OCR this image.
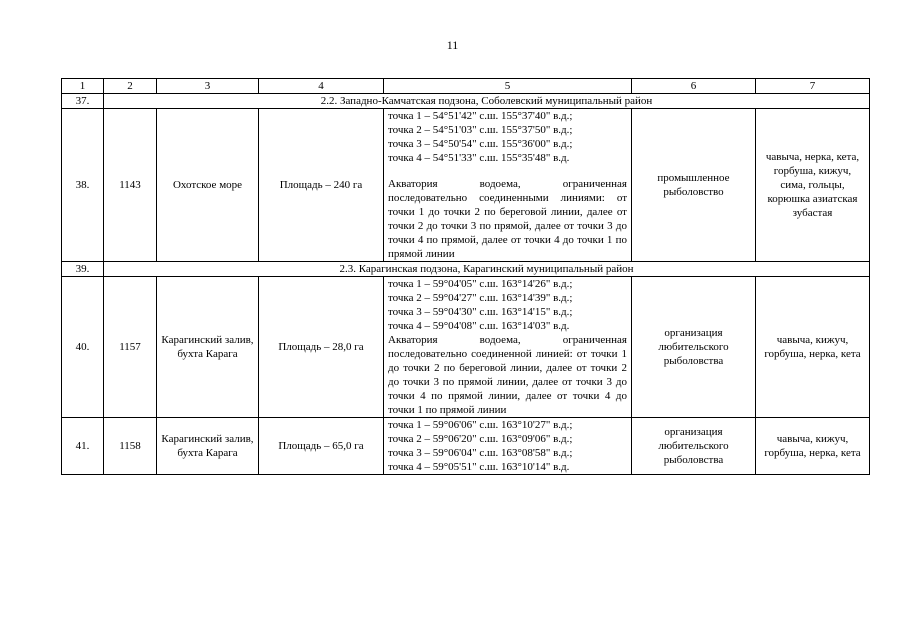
11
1	2	3	4	5	6	7
37.	2.2. Западно-Камчатская подзона, Соболевский муниципальный район					
38.	1143	Охотское море	Площадь – 240 га	точка 1 – 54°51'42" с.ш. 155°37'40" в.д.;
точка 2 – 54°51'03" с.ш. 155°37'50" в.д.;
точка 3 – 54°50'54" с.ш. 155°36'00" в.д.;
точка 4 – 54°51'33" с.ш. 155°35'48" в.д.
Акватория водоема, ограниченная последовательно соединенными линиями: от точки 1 до точки 2 по береговой линии, далее от точки 2 до точки 3 по прямой, далее от точки 3 до точки 4 по прямой, далее от точки 4 до точки 1 по прямой линии	промышленное рыболовство	чавыча, нерка, кета, горбуша, кижуч, сима, гольцы, корюшка азиатская зубастая
39.	2.3. Карагинская подзона, Карагинский муниципальный район					
40.	1157	Карагинский залив, бухта Карага	Площадь – 28,0 га	точка 1 – 59°04'05" с.ш. 163°14'26" в.д.;
точка 2 – 59°04'27" с.ш. 163°14'39" в.д.;
точка 3 – 59°04'30" с.ш. 163°14'15" в.д.;
точка 4 – 59°04'08" с.ш. 163°14'03" в.д.
Акватория водоема, ограниченная последовательно соединенной линией: от точки 1 до точки 2 по береговой линии, далее от точки 2 до точки 3 по прямой линии, далее от точки 3 до точки 4 по прямой линии, далее от точки 4 до точки 1 по прямой линии	организация любительского рыболовства	чавыча, кижуч, горбуша, нерка, кета
41.	1158	Карагинский залив, бухта Карага	Площадь – 65,0 га	точка 1 – 59°06'06" с.ш. 163°10'27" в.д.;
точка 2 – 59°06'20" с.ш. 163°09'06" в.д.;
точка 3 – 59°06'04" с.ш. 163°08'58" в.д.;
точка 4 – 59°05'51" с.ш. 163°10'14" в.д.	организация любительского рыболовства	чавыча, кижуч, горбуша, нерка, кета
